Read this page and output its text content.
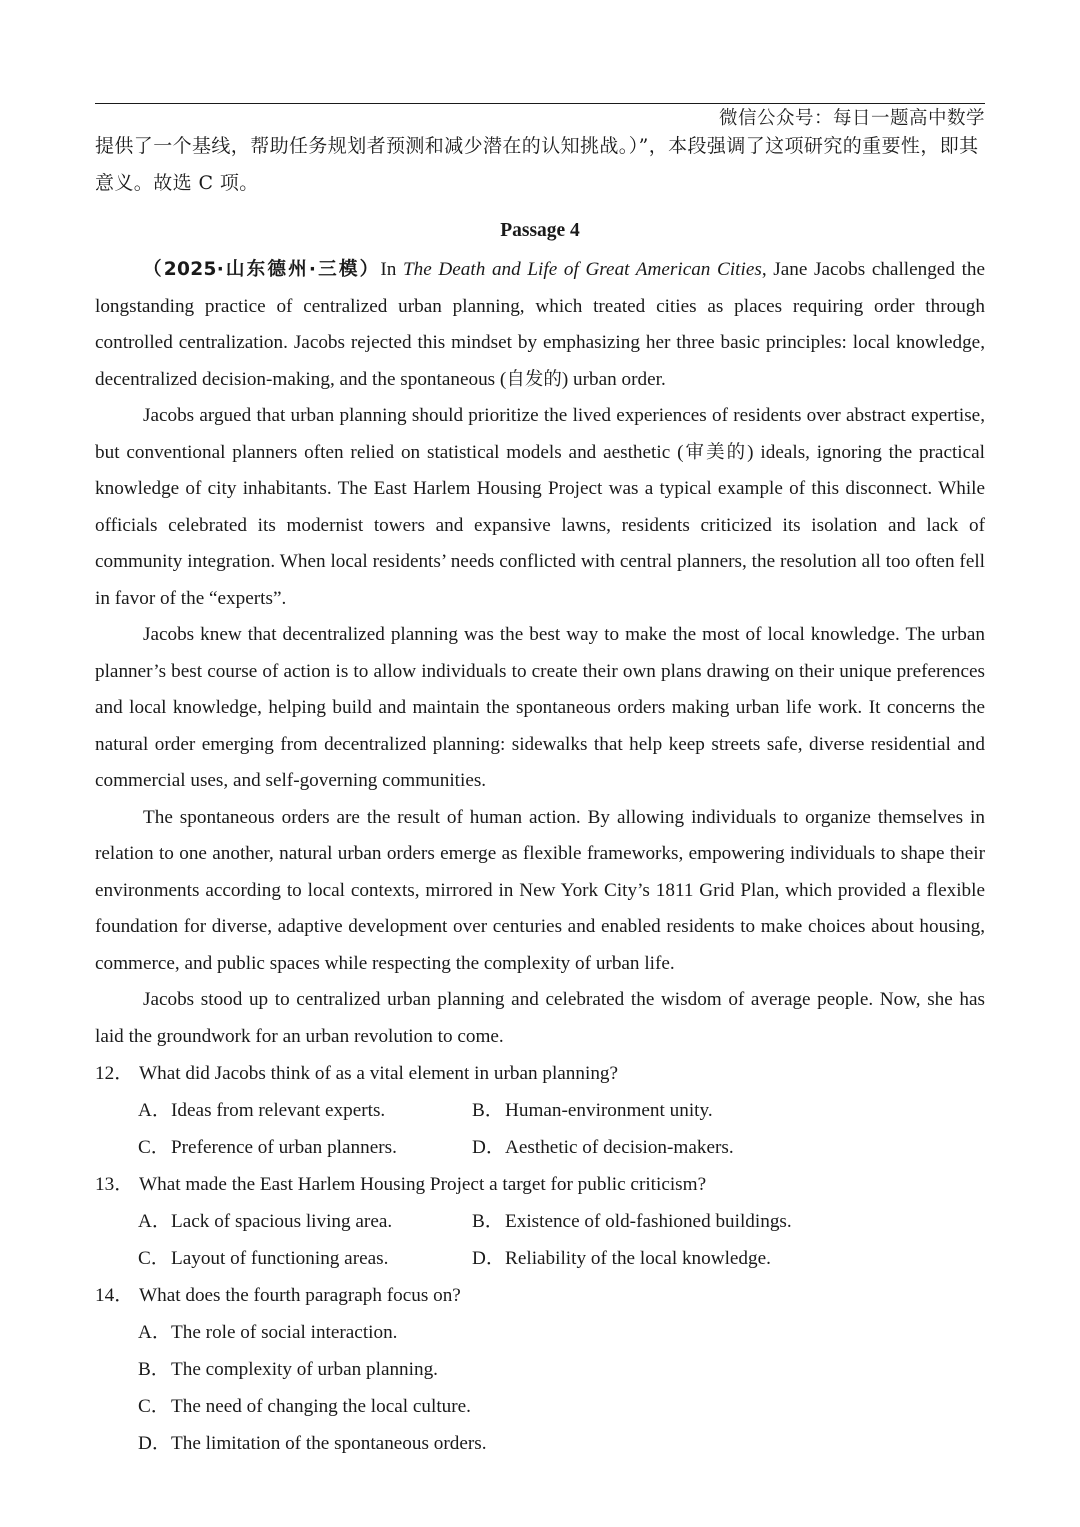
微信公众号：每日一题高中数学

提供了一个基线，帮助任务规划者预测和减少潜在的认知挑战。）”，本段强调了这项研究的重要性，即其

意义。故选 C 项。

Passage 4

（2025·山东德州·三模）In The Death and Life of Great American Cities, Jane Jacobs challenged the longstanding practice of centralized urban planning, which treated cities as places requiring order through controlled centralization. Jacobs rejected this mindset by emphasizing her three basic principles: local knowledge, decentralized decision-making, and the spontaneous (自发的) urban order.

Jacobs argued that urban planning should prioritize the lived experiences of residents over abstract expertise, but conventional planners often relied on statistical models and aesthetic (审美的) ideals, ignoring the practical knowledge of city inhabitants. The East Harlem Housing Project was a typical example of this disconnect. While officials celebrated its modernist towers and expansive lawns, residents criticized its isolation and lack of community integration. When local residents’ needs conflicted with central planners, the resolution all too often fell in favor of the “experts”.

Jacobs knew that decentralized planning was the best way to make the most of local knowledge. The urban planner’s best course of action is to allow individuals to create their own plans drawing on their unique preferences and local knowledge, helping build and maintain the spontaneous orders making urban life work. It concerns the natural order emerging from decentralized planning: sidewalks that help keep streets safe, diverse residential and commercial uses, and self-governing communities.

The spontaneous orders are the result of human action. By allowing individuals to organize themselves in relation to one another, natural urban orders emerge as flexible frameworks, empowering individuals to shape their environments according to local contexts, mirrored in New York City’s 1811 Grid Plan, which provided a flexible foundation for diverse, adaptive development over centuries and enabled residents to make choices about housing, commerce, and public spaces while respecting the complexity of urban life.

Jacobs stood up to centralized urban planning and celebrated the wisdom of average people. Now, she has laid the groundwork for an urban revolution to come.

12． What did Jacobs think of as a vital element in urban planning?

A．Ideas from relevant experts.	B．Human-environment unity.
C．Preference of urban planners.	D．Aesthetic of decision-makers.

13． What made the East Harlem Housing Project a target for public criticism?

A．Lack of spacious living area.	B．Existence of old-fashioned buildings.
C．Layout of functioning areas.	D．Reliability of the local knowledge.

14． What does the fourth paragraph focus on?

A．The role of social interaction.
B．The complexity of urban planning.
C．The need of changing the local culture.
D．The limitation of the spontaneous orders.
